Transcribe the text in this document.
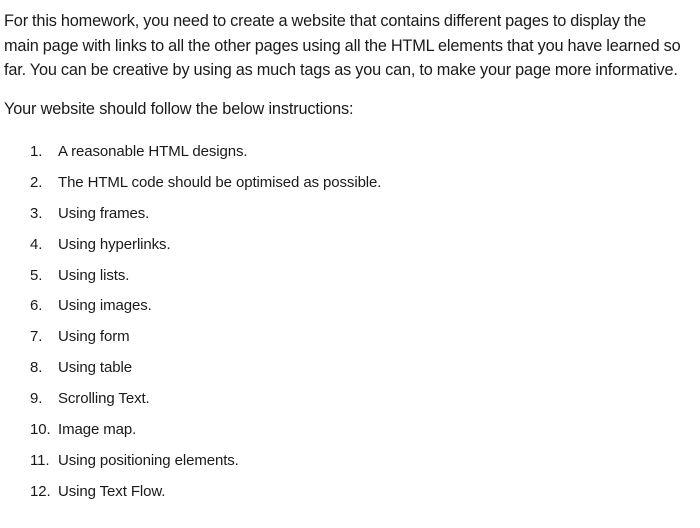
For this homework, you need to create a website that contains different pages to display the
main page with links to all the other pages using all the HTML elements that you have learned so
far. You can be creative by using as much tags as you can, to make your page more informative.

Your website should follow the below instructions:

1.	A reasonable HTML designs.
2.	The HTML code should be optimised as possible.
3.	Using frames.
4.	Using hyperlinks.
5.	Using lists.
6.	Using images.
7.	Using form
8.	Using table
9.	Scrolling Text.
10. Image map.
11. Using positioning elements.
12. Using Text Flow.
